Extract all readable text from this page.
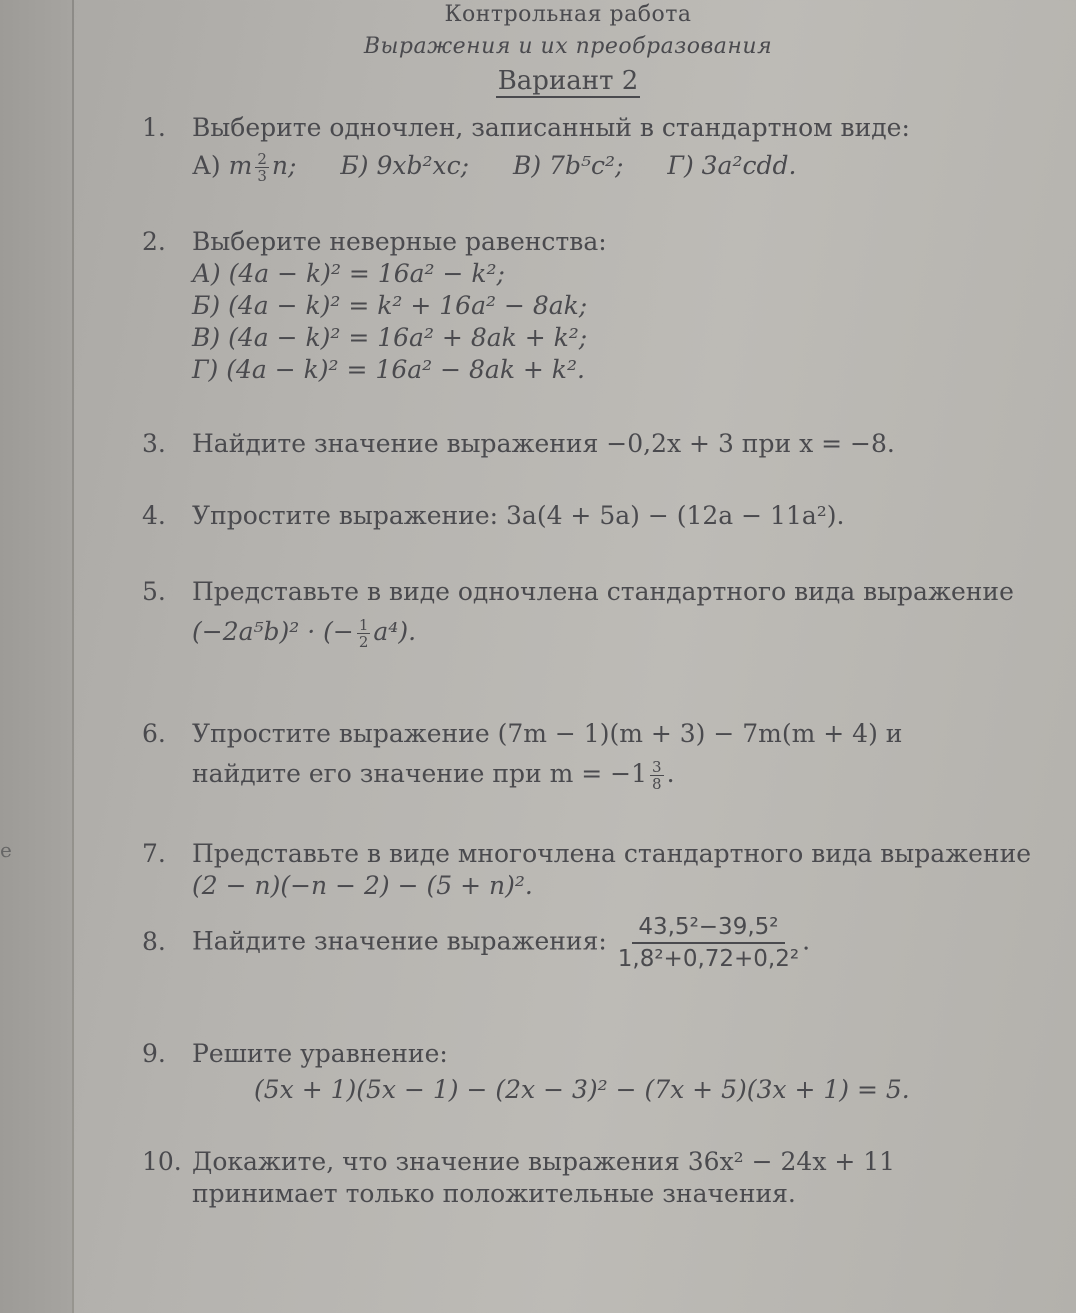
е
Контрольная работа
Выражения и их преобразования
Вариант 2
1. Выберите одночлен, записанный в стандартном виде:
А) m $\frac{2}{3} n$; Б) 9xb²xc; В) 7b⁵c²; Г) 3a²cdd.
2. Выберите неверные равенства:
А) (4a − k)² = 16a² − k²;
Б) (4a − k)² = k² + 16a² − 8ak;
В) (4a − k)² = 16a² + 8ak + k²;
Г) (4a − k)² = 16a² − 8ak + k².
3. Найдите значение выражения −0,2x + 3 при x = −8.
4. Упростите выражение: 3a(4 + 5a) − (12a − 11a²).
5. Представьте в виде одночлена стандартного вида выражение
(−2a⁵b)² · (− $\frac{1}{2} a^4$).
6. Упростите выражение (7m − 1)(m + 3) − 7m(m + 4) и
найдите его значение при $m = -1 \frac{3}{8}$ .
7. Представьте в виде многочлена стандартного вида выражение
(2 − n)(−n − 2) − (5 + n)².
8. Найдите значение выражения: $\frac{\text{43,5²−39,5²}}{\text{1,8²+0,72+0,2²}}$ .
9. Решите уравнение:
(5x + 1)(5x − 1) − (2x − 3)² − (7x + 5)(3x + 1) = 5.
10. Докажите, что значение выражения 36x² − 24x + 11
принимает только положительные значения.
